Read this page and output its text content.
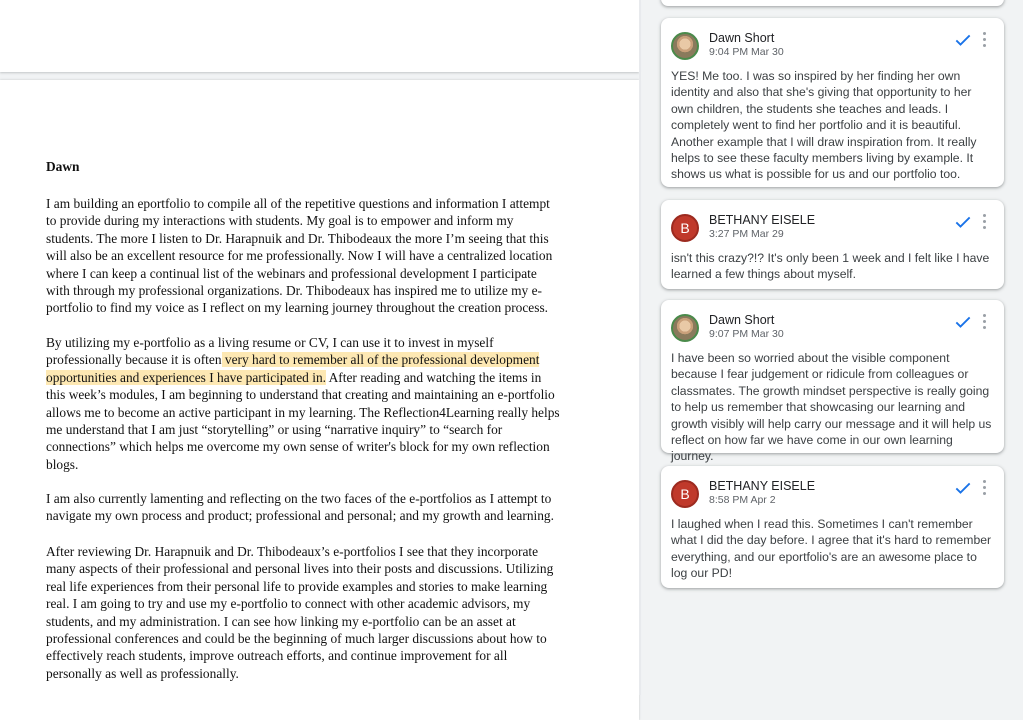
Dawn

I am building an eportfolio to compile all of the repetitive questions and information I attempt to provide during my interactions with students. My goal is to empower and inform my students. The more I listen to Dr. Harapnuik and Dr. Thibodeaux the more I’m seeing that this will also be an excellent resource for me professionally. Now I will have a centralized location where I can keep a continual list of the webinars and professional development I participate with through my professional organizations. Dr. Thibodeaux has inspired me to utilize my e-portfolio to find my voice as I reflect on my learning journey throughout the creation process.

By utilizing my e-portfolio as a living resume or CV, I can use it to invest in myself professionally because it is often very hard to remember all of the professional development opportunities and experiences I have participated in. After reading and watching the items in this week’s modules, I am beginning to understand that creating and maintaining an e-portfolio allows me to become an active participant in my learning. The Reflection4Learning really helps me understand that I am just “storytelling” or using “narrative inquiry” to “search for connections” which helps me overcome my own sense of writer's block for my own reflection blogs.

I am also currently lamenting and reflecting on the two faces of the e-portfolios as I attempt to navigate my own process and product; professional and personal; and my growth and learning.

After reviewing Dr. Harapnuik and Dr. Thibodeaux’s e-portfolios I see that they incorporate many aspects of their professional and personal lives into their posts and discussions. Utilizing real life experiences from their personal life to provide examples and stories to make learning real. I am going to try and use my e-portfolio to connect with other academic advisors, my students, and my administration. I can see how linking my e-portfolio can be an asset at professional conferences and could be the beginning of much larger discussions about how to effectively reach students, improve outreach efforts, and continue improvement for all personally as well as professionally.

Dawn Short
9:04 PM Mar 30

YES! Me too. I was so inspired by her finding her own identity and also that she's giving that opportunity to her own children, the students she teaches and leads. I completely went to find her portfolio and it is beautiful. Another example that I will draw inspiration from. It really helps to see these faculty members living by example. It shows us what is possible for us and our portfolio too.

B	BETHANY EISELE
3:27 PM Mar 29

isn't this crazy?!? It's only been 1 week and I felt like I have learned a few things about myself.

Dawn Short
9:07 PM Mar 30

I have been so worried about the visible component because I fear judgement or ridicule from colleagues or classmates. The growth mindset perspective is really going to help us remember that showcasing our learning and growth visibly will help carry our message and it will help us reflect on how far we have come in our own learning journey.

B	BETHANY EISELE
8:58 PM Apr 2

I laughed when I read this. Sometimes I can't remember what I did the day before. I agree that it's hard to remember everything, and our eportfolio's are an awesome place to log our PD!
